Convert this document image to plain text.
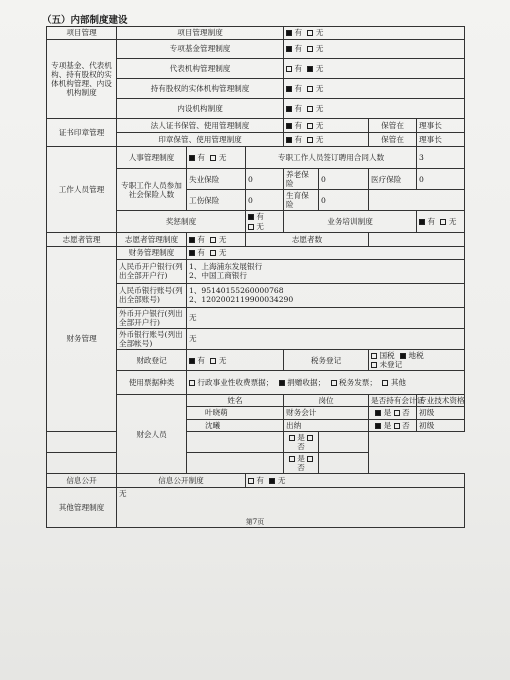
（五）内部制度建设
项目管理	项目管理制度			有 无			
专项基金、代表机构、持有股权的实体机构管理、内设机构制度	专项基金管理制度			有 无			
	代表机构管理制度			有 无			
	持有股权的实体机构管理制度			有 无			
	内设机构制度			有 无			
证书印章管理	法人证书保管、使用管理制度			有 无		保管在	理事长
	印章保管、使用管理制度			有 无		保管在	理事长
工作人员管理	人事管理制度	有 无	专职工作人员签订聘用合同人数				3
	专职工作人员参加社会保险人数	失业保险	0	养老保险	0	医疗保险	0
		工伤保险	0	生育保险	0		
	奖惩制度		有  无	业务培训制度			有 无
志愿者管理	志愿者管理制度	有 无	志愿者数				
财务管理	财务管理制度	有 无					
	人民币开户银行(列出全部开户行)	1、上海浦东发展银行
2、中国工商银行					

	人民币银行账号(列出全部账号)	1、95140155260000768
2、1202002119900034290					

	外币开户银行(列出全部开户行)	无					
	外币银行账号(列出全部帐号)	无					
	财政登记	有 无		税务登记		国税 地税  未登记	
	使用票据种类	行政事业性收费票据； 捐赠收据； 税务发票； 其他					
	财会人员	姓名		岗位		是否持有会计证	专业技术资格
		叶晓萌		财务会计		是 否	初级
		沈曦		出纳		是 否	初级
				是  否			
				是  否			
信息公开	信息公开制度		有 无				
其他管理制度	无						
第7页
